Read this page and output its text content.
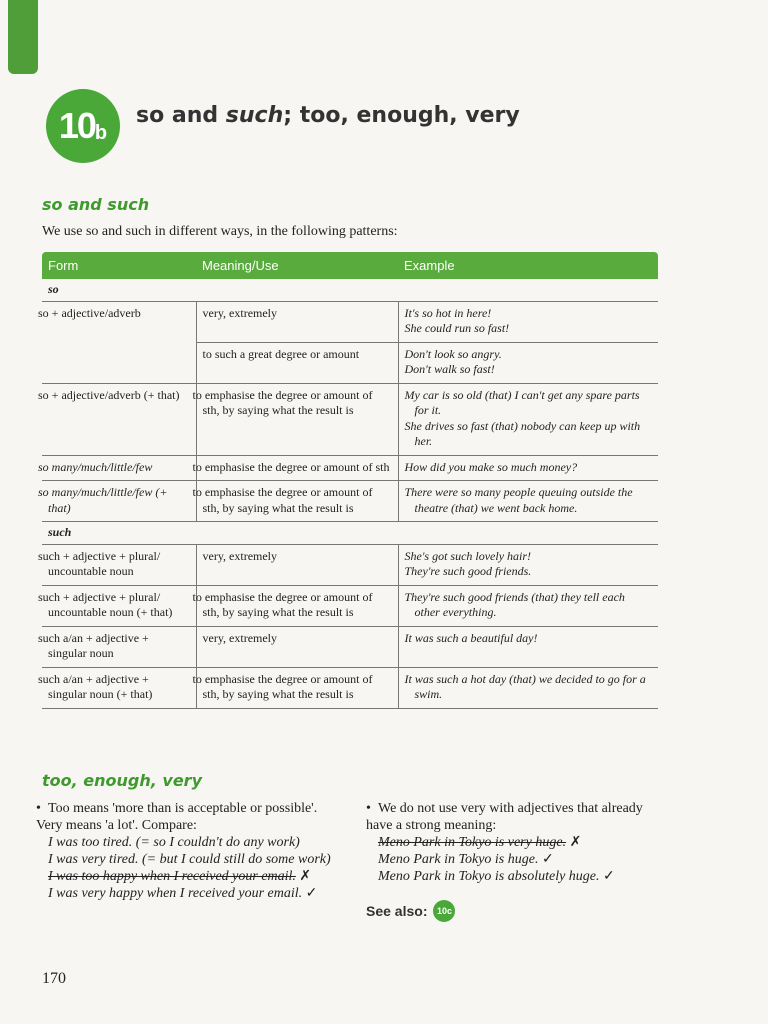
10 b
so and such; too, enough, very
so and such
We use so and such in different ways, in the following patterns:
Form	Meaning/Use	Example
so		
so + adjective/adverb	very, extremely	It's so hot in here!
She could run so fast!

	to such a great degree or amount	Don't look so angry.
Don't walk so fast!

so + adjective/adverb (+ that)	to emphasise the degree or amount of sth, by saying what the result is	My car is so old (that) I can't get any spare parts for it.
She drives so fast (that) nobody can keep up with her.

so many/much/little/few	to emphasise the degree or amount of sth	How did you make so much money?

so many/much/little/few (+ that)	to emphasise the degree or amount of sth, by saying what the result is	There were so many people queuing outside the theatre (that) we went back home.

such		
such + adjective + plural/ uncountable noun	very, extremely	She's got such lovely hair!
They're such good friends.

such + adjective + plural/ uncountable noun (+ that)	to emphasise the degree or amount of sth, by saying what the result is	They're such good friends (that) they tell each other everything.

such a/an + adjective + singular noun	very, extremely	It was such a beautiful day!

such a/an + adjective + singular noun (+ that)	to emphasise the degree or amount of sth, by saying what the result is	It was such a hot day (that) we decided to go for a swim.
too, enough, very
• Too means 'more than is acceptable or possible'. Very means 'a lot'. Compare:
I was too tired. (= so I couldn't do any work)
I was very tired. (= but I could still do some work)
I was too happy when I received your email. ✗
I was very happy when I received your email. ✓
• We do not use very with adjectives that already have a strong meaning:
Meno Park in Tokyo is very huge. ✗
Meno Park in Tokyo is huge. ✓
Meno Park in Tokyo is absolutely huge. ✓
See also:	10c
170
